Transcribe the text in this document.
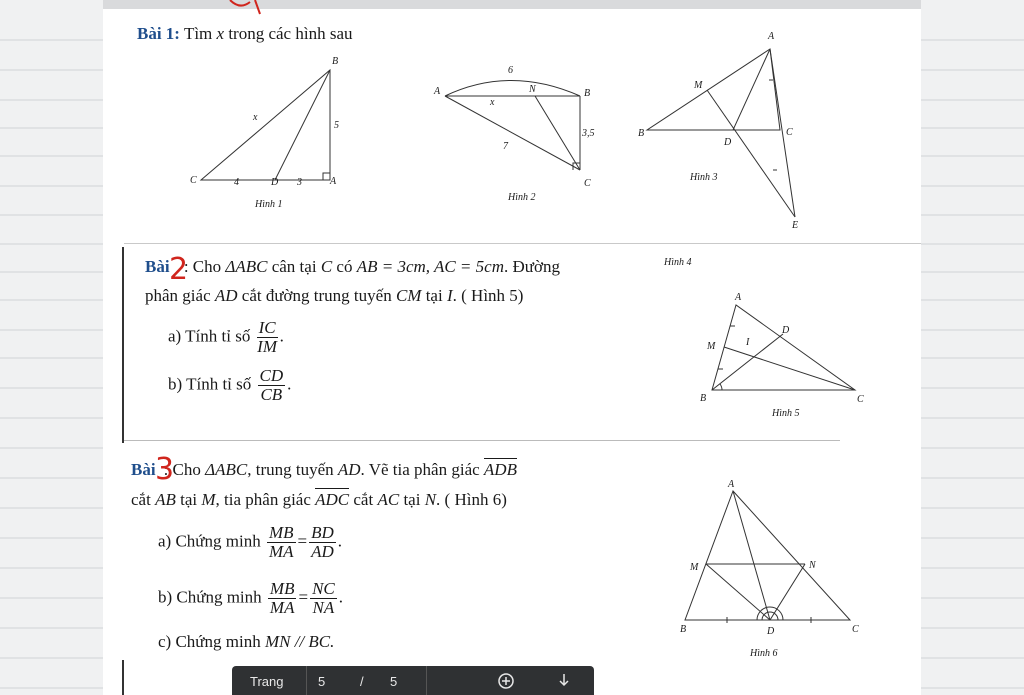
Bài 1: Tìm x trong các hình sau
B
C	D	A
x
5
4	3
Hình 1
A	N	B
C
6
x
7
3,5
Hình 2
A
M
B
D
C
E
Hình 3
Bài : Cho ΔABC cân tại C có AB = 3cm, AC = 5cm. Đường
phân giác AD cắt đường trung tuyến CM tại I. ( Hình 5)
a) Tính tỉ số $\frac{IC}{IM}$ .
b) Tính tỉ số $\frac{CD}{CB}$ .
Hình 4
A
M	I
D
B	C
Hình 5
Bài : Cho ΔABC, trung tuyến AD. Vẽ tia phân giác ADB
cắt AB tại M, tia phân giác ADC cắt AC tại N. ( Hình 6)
a) Chứng minh $\frac{MB}{MA} = \frac{BD}{AD}$ .
b) Chứng minh $\frac{MB}{MA} = \frac{NC}{NA}$ .
c) Chứng minh MN // BC.
A
M	N
B	D	C
Hình 6
2
3
Trang	5	/ 5
